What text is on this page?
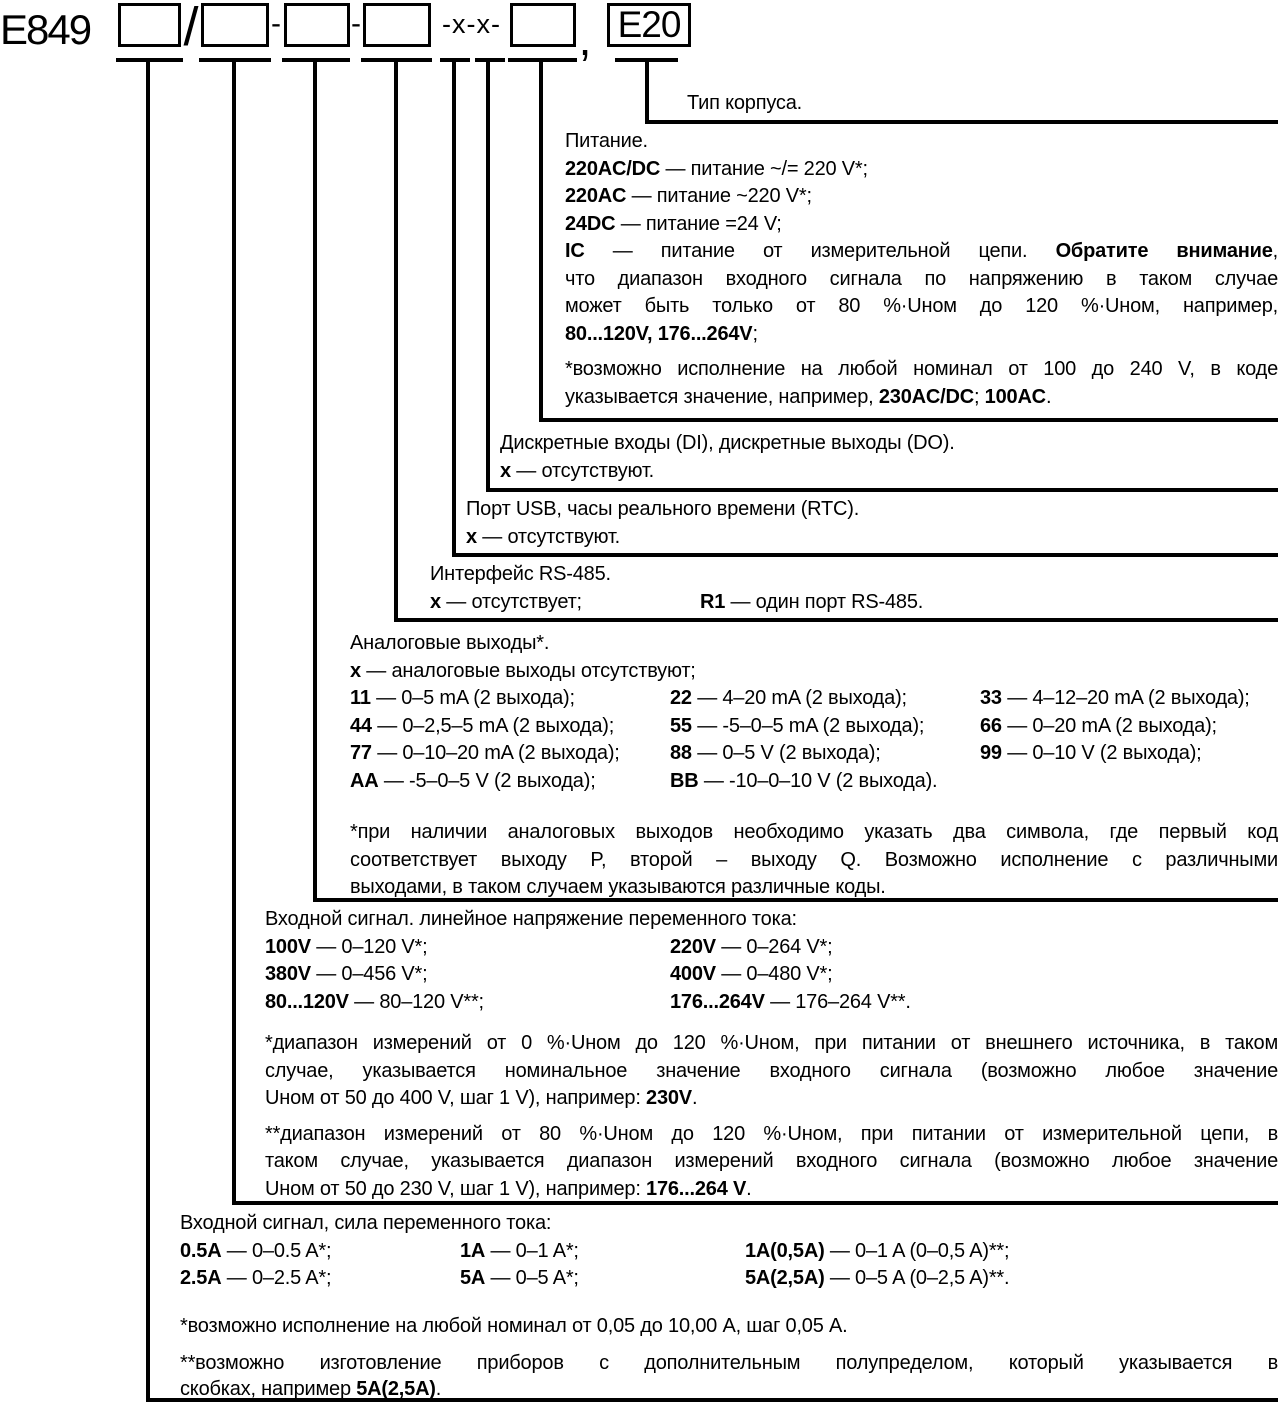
E849 / - -	-x-x- , E20
Тип корпуса.
Питание.
220AC/DC — питание ~/= 220 V*;
220AC — питание ~220 V*;
24DC — питание =24 V;
IC — питание от измерительной цепи. Обратите внимание,
что диапазон входного сигнала по напряжению в таком случае
может быть только от 80 %·Uном до 120 %·Uном, например,
80...120V, 176...264V;
*возможно исполнение на любой номинал от 100 до 240 V, в коде
указывается значение, например, 230AC/DC; 100AC.
Дискретные входы (DI), дискретные выходы (DO).
x — отсутствуют.
Порт USB, часы реального времени (RTC).
x — отсутствуют.
Интерфейс RS-485.
x — отсутствует;	R1 — один порт RS-485.
Аналоговые выходы*.
x — аналоговые выходы отсутствуют;
11 — 0–5 mA (2 выхода);	22 — 4–20 mA (2 выхода);	33 — 4–12–20 mA (2 выхода);
44 — 0–2,5–5 mA (2 выхода);	55 — -5–0–5 mA (2 выхода);	66 — 0–20 mA (2 выхода);
77 — 0–10–20 mA (2 выхода);	88 — 0–5 V (2 выхода);	99 — 0–10 V (2 выхода);
AA — -5–0–5 V (2 выхода);	BB — -10–0–10 V (2 выхода).
*при наличии аналоговых выходов необходимо указать два символа, где первый код
соответствует выходу P, второй – выходу Q. Возможно исполнение с различными
выходами, в таком случаем указываются различные коды.
Входной сигнал. линейное напряжение переменного тока:
100V — 0–120 V*;	220V — 0–264 V*;
380V — 0–456 V*;	400V — 0–480 V*;
80...120V — 80–120 V**;	176...264V — 176–264 V**.
*диапазон измерений от 0 %·Uном до 120 %·Uном, при питании от внешнего источника, в таком
случае, указывается номинальное значение входного сигнала (возможно любое значение
Uном от 50 до 400 V, шаг 1 V), например: 230V.
**диапазон измерений от 80 %·Uном до 120 %·Uном, при питании от измерительной цепи, в
таком случае, указывается диапазон измерений входного сигнала (возможно любое значение
Uном от 50 до 230 V, шаг 1 V), например: 176...264 V.
Входной сигнал, сила переменного тока:
0.5A — 0–0.5 A*;	1A — 0–1 A*;	1A(0,5A) — 0–1 A (0–0,5 A)**;
2.5A — 0–2.5 A*;	5A — 0–5 A*;	5A(2,5A) — 0–5 A (0–2,5 A)**.
*возможно исполнение на любой номинал от 0,05 до 10,00 A, шаг 0,05 A.
**возможно изготовление приборов с дополнительным полупределом, который указывается в
скобках, например 5A(2,5A).
